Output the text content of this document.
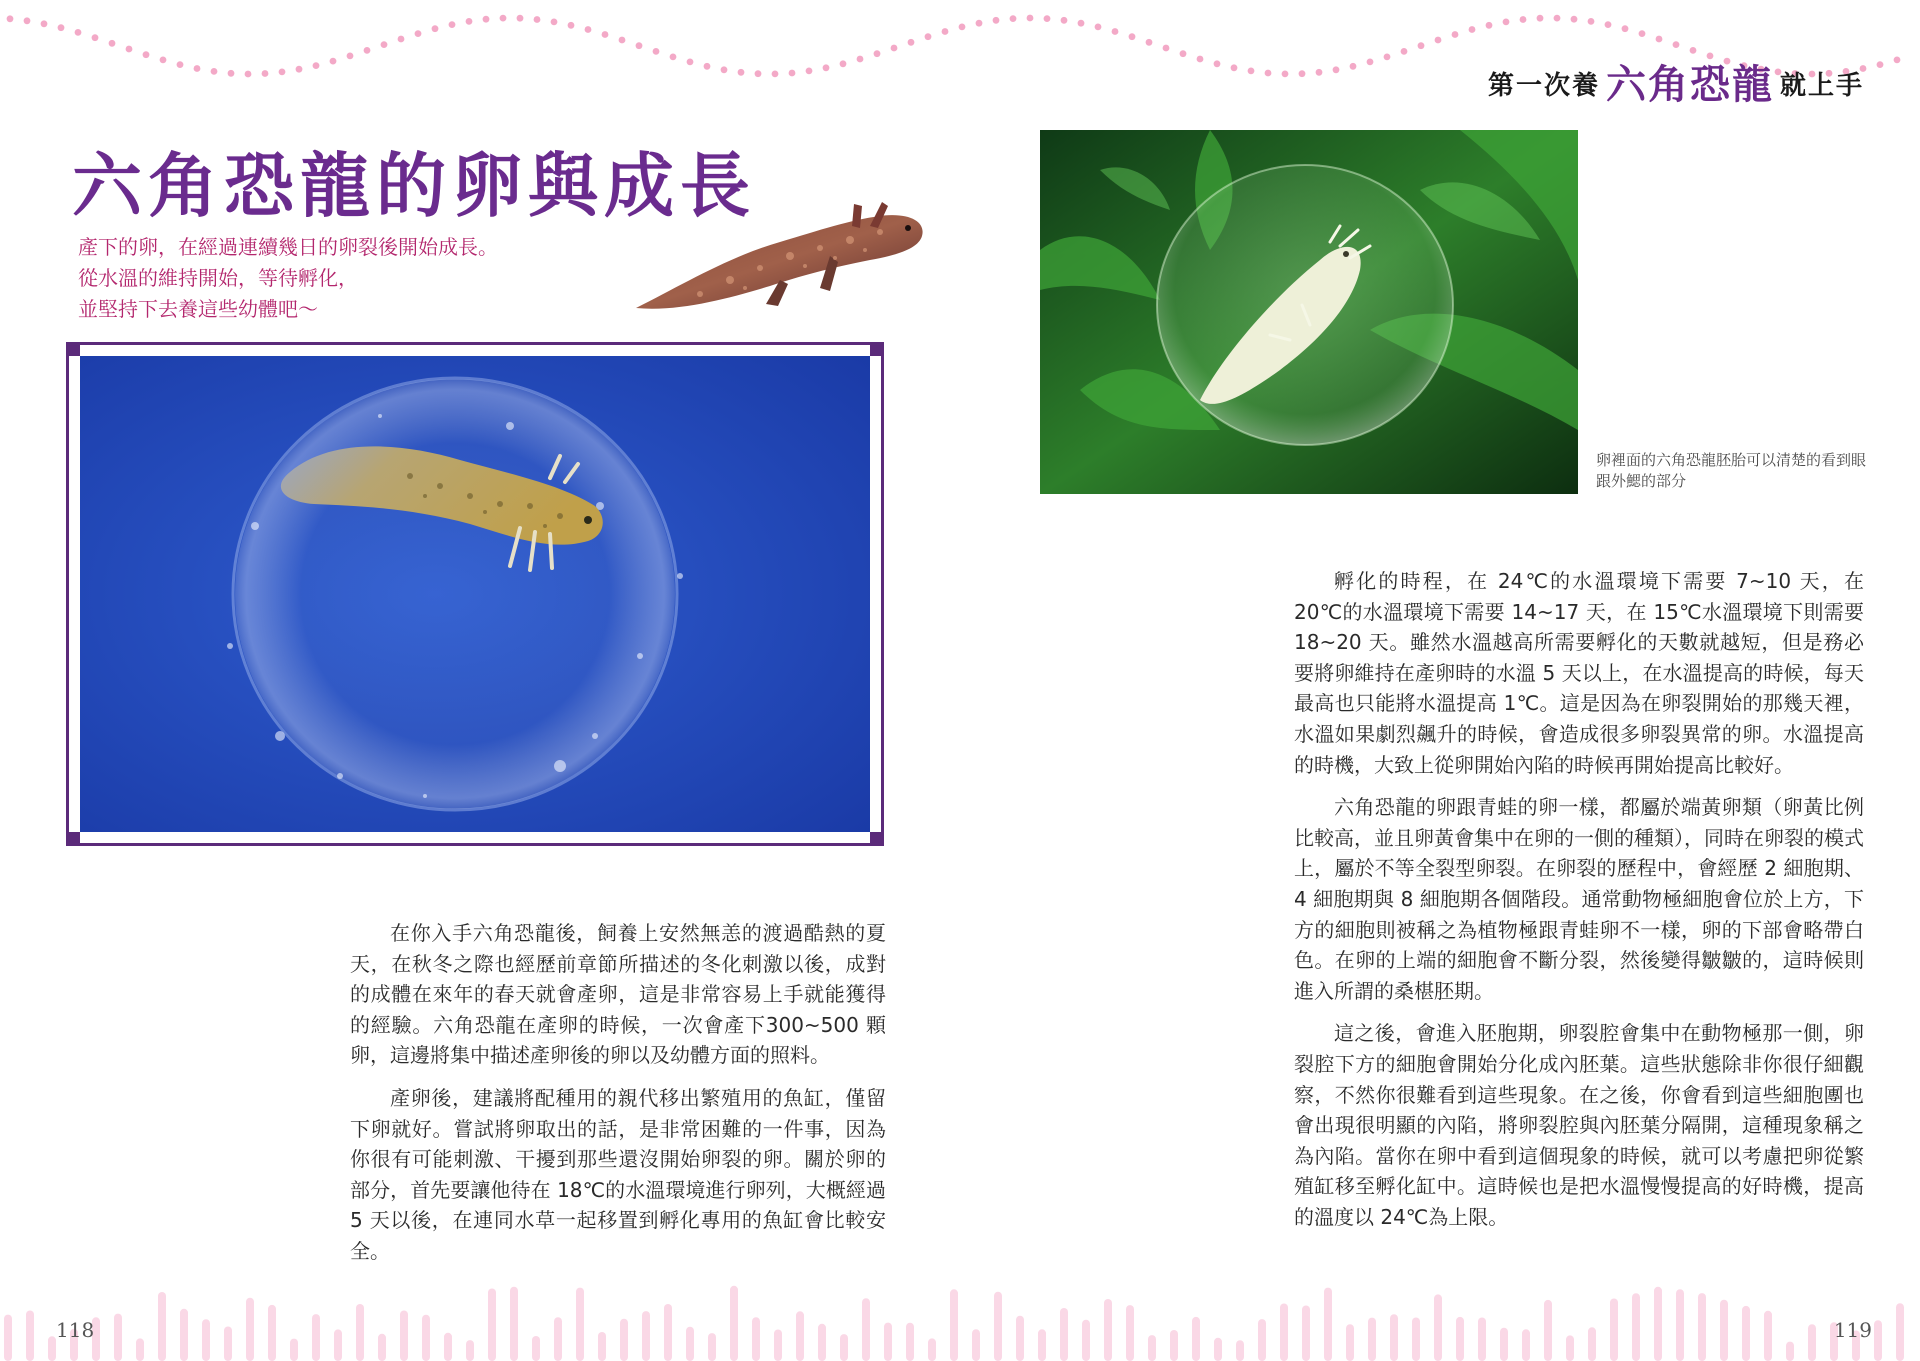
第一次養 六角恐龍 就上手
六角恐龍的卵與成長
產下的卵，在經過連續幾日的卵裂後開始成長。
從水溫的維持開始，等待孵化，
並堅持下去養這些幼體吧～
卵裡面的六角恐龍胚胎可以清楚的看到眼跟外鰓的部分

在你入手六角恐龍後，飼養上安然無恙的渡過酷熱的夏天，在秋冬之際也經歷前章節所描述的冬化刺激以後，成對的成體在來年的春天就會產卵，這是非常容易上手就能獲得的經驗。六角恐龍在產卵的時候，一次會產下300~500 顆卵，這邊將集中描述產卵後的卵以及幼體方面的照料。

產卵後，建議將配種用的親代移出繁殖用的魚缸，僅留下卵就好。嘗試將卵取出的話，是非常困難的一件事，因為你很有可能刺激、干擾到那些還沒開始卵裂的卵。關於卵的部分，首先要讓他待在 18℃的水溫環境進行卵列，大概經過 5 天以後，在連同水草一起移置到孵化專用的魚缸會比較安全。

孵化的時程，在 24℃的水溫環境下需要 7~10 天，在 20℃的水溫環境下需要 14~17 天，在 15℃水溫環境下則需要 18~20 天。雖然水溫越高所需要孵化的天數就越短，但是務必要將卵維持在產卵時的水溫 5 天以上，在水溫提高的時候，每天最高也只能將水溫提高 1℃。這是因為在卵裂開始的那幾天裡，水溫如果劇烈飆升的時候，會造成很多卵裂異常的卵。水溫提高的時機，大致上從卵開始內陷的時候再開始提高比較好。

六角恐龍的卵跟青蛙的卵一樣，都屬於端黃卵類（卵黃比例比較高，並且卵黃會集中在卵的一側的種類），同時在卵裂的模式上，屬於不等全裂型卵裂。在卵裂的歷程中，會經歷 2 細胞期、4 細胞期與 8 細胞期各個階段。通常動物極細胞會位於上方，下方的細胞則被稱之為植物極跟青蛙卵不一樣，卵的下部會略帶白色。在卵的上端的細胞會不斷分裂，然後變得皺皺的，這時候則進入所謂的桑椹胚期。

這之後，會進入胚胞期，卵裂腔會集中在動物極那一側，卵裂腔下方的細胞會開始分化成內胚葉。這些狀態除非你很仔細觀察，不然你很難看到這些現象。在之後，你會看到這些細胞團也會出現很明顯的內陷，將卵裂腔與內胚葉分隔開，這種現象稱之為內陷。當你在卵中看到這個現象的時候，就可以考慮把卵從繁殖缸移至孵化缸中。這時候也是把水溫慢慢提高的好時機，提高的溫度以 24℃為上限。

118	119
